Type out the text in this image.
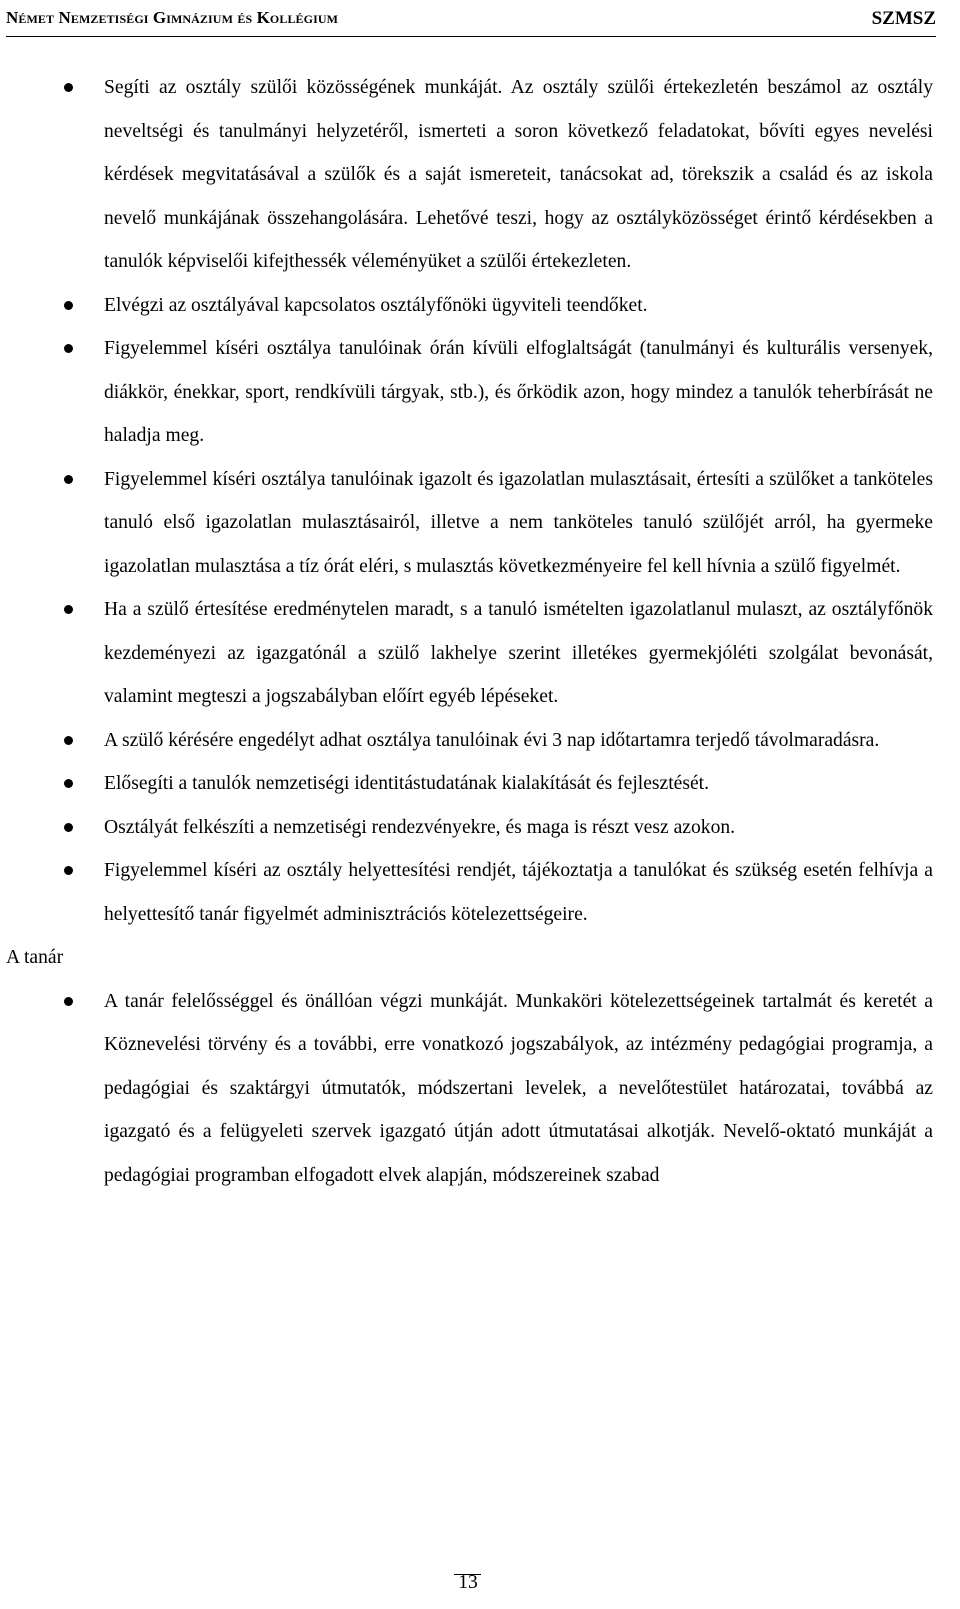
Német Nemzetiségi Gimnázium és Kollégium	SZMSZ
Segíti az osztály szülői közösségének munkáját. Az osztály szülői értekezletén beszámol az osztály neveltségi és tanulmányi helyzetéről, ismerteti a soron következő feladatokat, bővíti egyes nevelési kérdések megvitatásával a szülők és a saját ismereteit, tanácsokat ad, törekszik a család és az iskola nevelő munkájának összehangolására. Lehetővé teszi, hogy az osztályközösséget érintő kérdésekben a tanulók képviselői kifejthessék véleményüket a szülői értekezleten.
Elvégzi az osztályával kapcsolatos osztályfőnöki ügyviteli teendőket.
Figyelemmel kíséri osztálya tanulóinak órán kívüli elfoglaltságát (tanulmányi és kulturális versenyek, diákkör, énekkar, sport, rendkívüli tárgyak, stb.), és őrködik azon, hogy mindez a tanulók teherbírását ne haladja meg.
Figyelemmel kíséri osztálya tanulóinak igazolt és igazolatlan mulasztásait, értesíti a szülőket a tanköteles tanuló első igazolatlan mulasztásairól, illetve a nem tanköteles tanuló szülőjét arról, ha gyermeke igazolatlan mulasztása a tíz órát eléri, s mulasztás következményeire fel kell hívnia a szülő figyelmét.
Ha a szülő értesítése eredménytelen maradt, s a tanuló ismételten igazolatlanul mulaszt, az osztályfőnök kezdeményezi az igazgatónál a szülő lakhelye szerint illetékes gyermekjóléti szolgálat bevonását, valamint megteszi a jogszabályban előírt egyéb lépéseket.
A szülő kérésére engedélyt adhat osztálya tanulóinak évi 3 nap időtartamra terjedő távolmaradásra.
Elősegíti a tanulók nemzetiségi identitástudatának kialakítását és fejlesztését.
Osztályát felkészíti a nemzetiségi rendezvényekre, és maga is részt vesz azokon.
Figyelemmel kíséri az osztály helyettesítési rendjét, tájékoztatja a tanulókat és szükség esetén felhívja a helyettesítő tanár figyelmét adminisztrációs kötelezettségeire.
A tanár
A tanár felelősséggel és önállóan végzi munkáját. Munkaköri kötelezettségeinek tartalmát és keretét a Köznevelési törvény és a további, erre vonatkozó jogszabályok, az intézmény pedagógiai programja, a pedagógiai és szaktárgyi útmutatók, módszertani levelek, a nevelőtestület határozatai, továbbá az igazgató és a felügyeleti szervek igazgató útján adott útmutatásai alkotják. Nevelő-oktató munkáját a pedagógiai programban elfogadott elvek alapján, módszereinek szabad
13
